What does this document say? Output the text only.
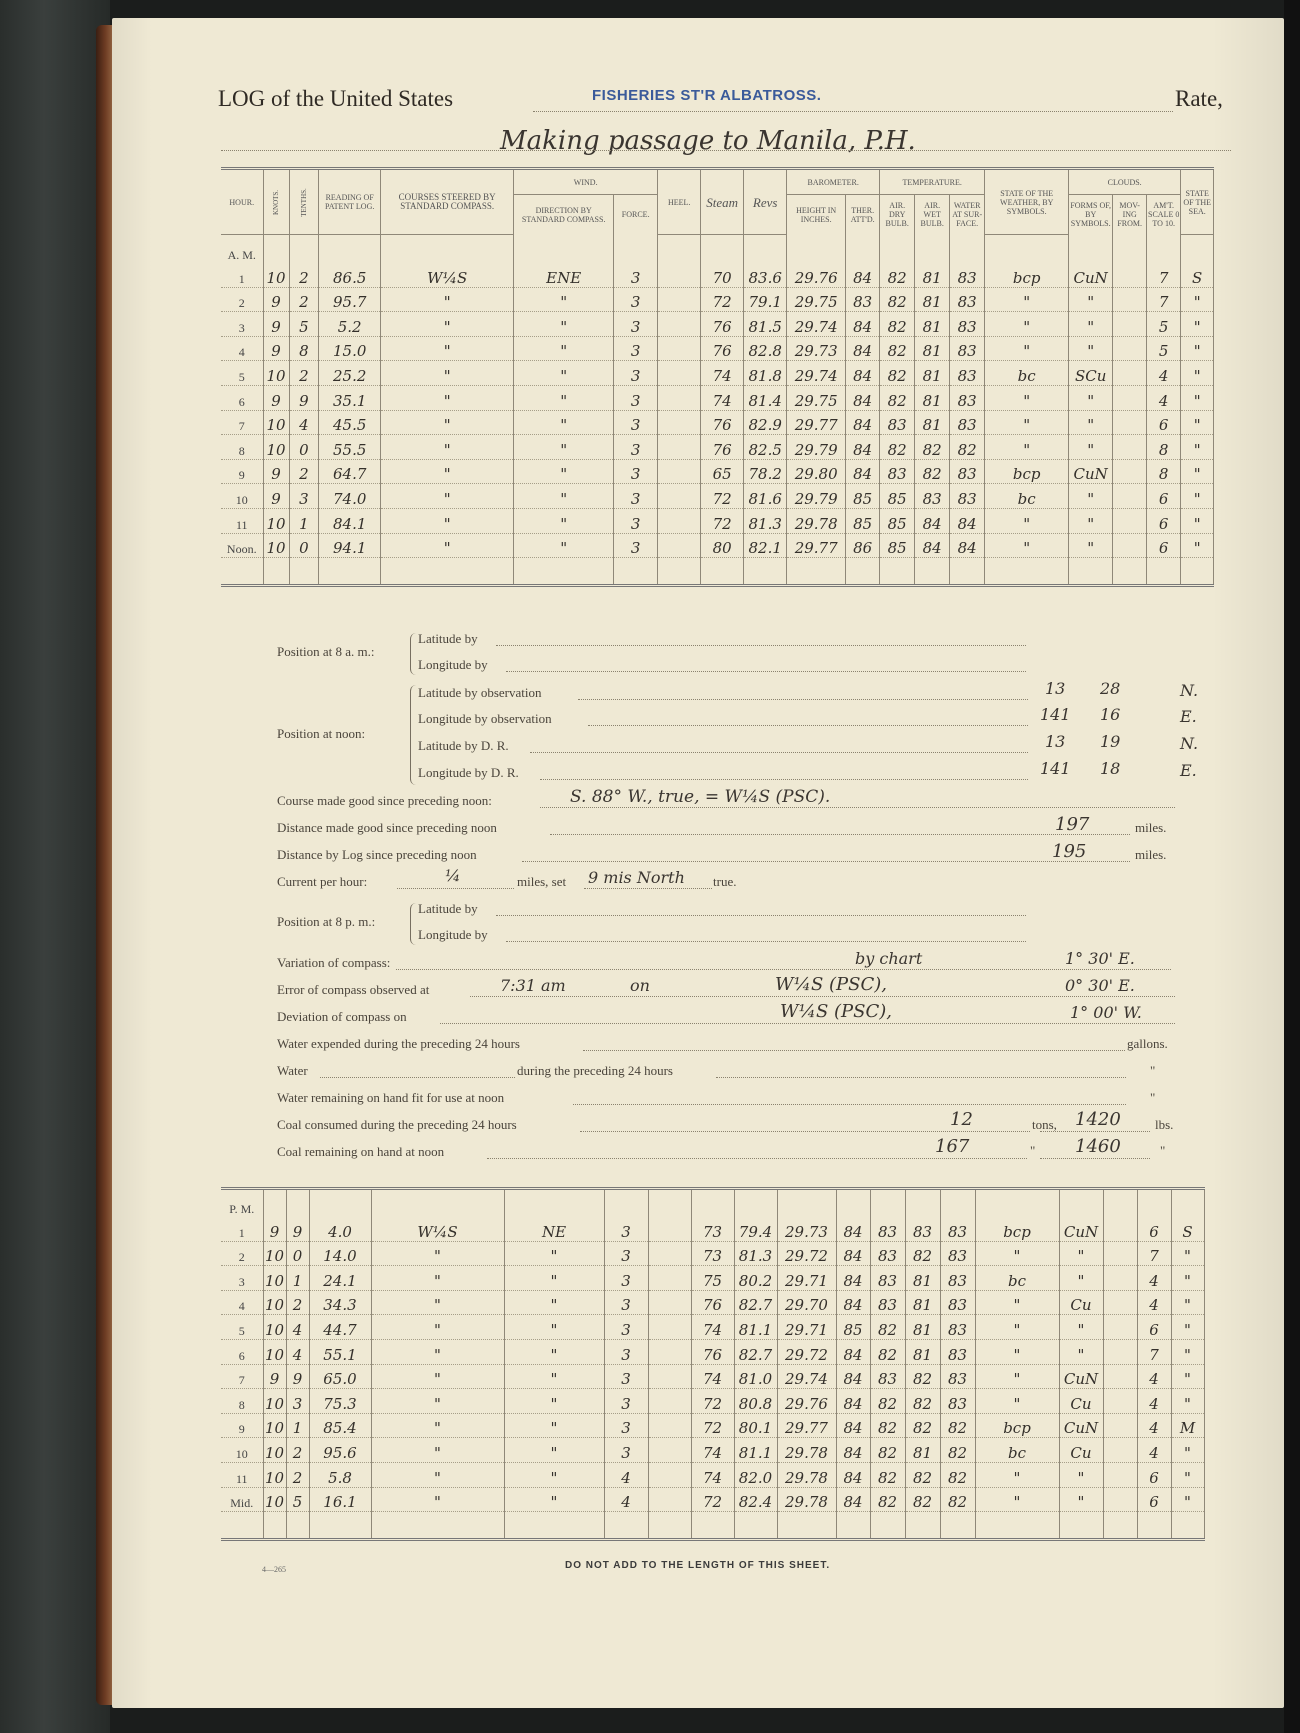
LOG of the United States	FISHERIES ST'R ALBATROSS.	Rate,
Making passage to Manila, P.H.
HOUR.	KNOTS.	TENTHS.	READING OF PATENT LOG.	COURSES STEERED BY STANDARD COMPASS.	WIND.		HEEL.	Steam	Revs	BAROMETER.		TEMPERATURE.			STATE OF THE WEATHER, BY SYMBOLS.	CLOUDS.			STATE OF THE SEA.
					DIRECTION BY STANDARD COMPASS.	FORCE.				HEIGHT IN INCHES.	THER. ATT'D.	AIR. DRY BULB.	AIR. WET BULB.	WATER AT SUR-FACE.		FORMS OF, BY SYMBOLS.	MOV-ING FROM.	AM'T. SCALE 0 TO 10.	
A. M.																			
1	10	2	86.5	W¼S	ENE	3		70	83.6	29.76	84	82	81	83	bcp	CuN		7	S
2	9	2	95.7	"	"	3		72	79.1	29.75	83	82	81	83	"	"		7	"
3	9	5	5.2	"	"	3		76	81.5	29.74	84	82	81	83	"	"		5	"
4	9	8	15.0	"	"	3		76	82.8	29.73	84	82	81	83	"	"		5	"
5	10	2	25.2	"	"	3		74	81.8	29.74	84	82	81	83	bc	SCu		4	"
6	9	9	35.1	"	"	3		74	81.4	29.75	84	82	81	83	"	"		4	"
7	10	4	45.5	"	"	3		76	82.9	29.77	84	83	81	83	"	"		6	"
8	10	0	55.5	"	"	3		76	82.5	29.79	84	82	82	82	"	"		8	"
9	9	2	64.7	"	"	3		65	78.2	29.80	84	83	82	83	bcp	CuN		8	"
10	9	3	74.0	"	"	3		72	81.6	29.79	85	85	83	83	bc	"		6	"
11	10	1	84.1	"	"	3		72	81.3	29.78	85	85	84	84	"	"		6	"
Noon.	10	0	94.1	"	"	3		80	82.1	29.77	86	85	84	84	"	"		6	"

Position at 8 a. m.:
Latitude by
Longitude by
Position at noon:
Latitude by observation	13 28	N.
Longitude by observation	141 16	E.
Latitude by D. R.	13 19	N.
Longitude by D. R.	141 18	E.
Course made good since preceding noon:	S. 88° W., true, = W¼S (PSC).
Distance made good since preceding noon	197	miles.
Distance by Log since preceding noon	195	miles.
Current per hour:	¼	miles, set 9 mis North true.
Position at 8 p. m.:
Latitude by
Longitude by
Variation of compass:	by chart	1° 30' E.
Error of compass observed at	7:31 am	on	W¼S (PSC),	0° 30' E.
Deviation of compass on	W¼S (PSC),	1° 00' W.
Water expended during the preceding 24 hours	gallons.
Water	during the preceding 24 hours	"
Water remaining on hand fit for use at noon	"
Coal consumed during the preceding 24 hours	12	tons, 1420	lbs.
Coal remaining on hand at noon	167	" 1460	"
P. M.																			
1	9	9	4.0	W¼S	NE	3		73	79.4	29.73	84	83	83	83	bcp	CuN		6	S
2	10	0	14.0	"	"	3		73	81.3	29.72	84	83	82	83	"	"		7	"
3	10	1	24.1	"	"	3		75	80.2	29.71	84	83	81	83	bc	"		4	"
4	10	2	34.3	"	"	3		76	82.7	29.70	84	83	81	83	"	Cu		4	"
5	10	4	44.7	"	"	3		74	81.1	29.71	85	82	81	83	"	"		6	"
6	10	4	55.1	"	"	3		76	82.7	29.72	84	82	81	83	"	"		7	"
7	9	9	65.0	"	"	3		74	81.0	29.74	84	83	82	83	"	CuN		4	"
8	10	3	75.3	"	"	3		72	80.8	29.76	84	82	82	83	"	Cu		4	"
9	10	1	85.4	"	"	3		72	80.1	29.77	84	82	82	82	bcp	CuN		4	M
10	10	2	95.6	"	"	3		74	81.1	29.78	84	82	81	82	bc	Cu		4	"
11	10	2	5.8	"	"	4		74	82.0	29.78	84	82	82	82	"	"		6	"
Mid.	10	5	16.1	"	"	4		72	82.4	29.78	84	82	82	82	"	"		6	"

4—265	DO NOT ADD TO THE LENGTH OF THIS SHEET.
